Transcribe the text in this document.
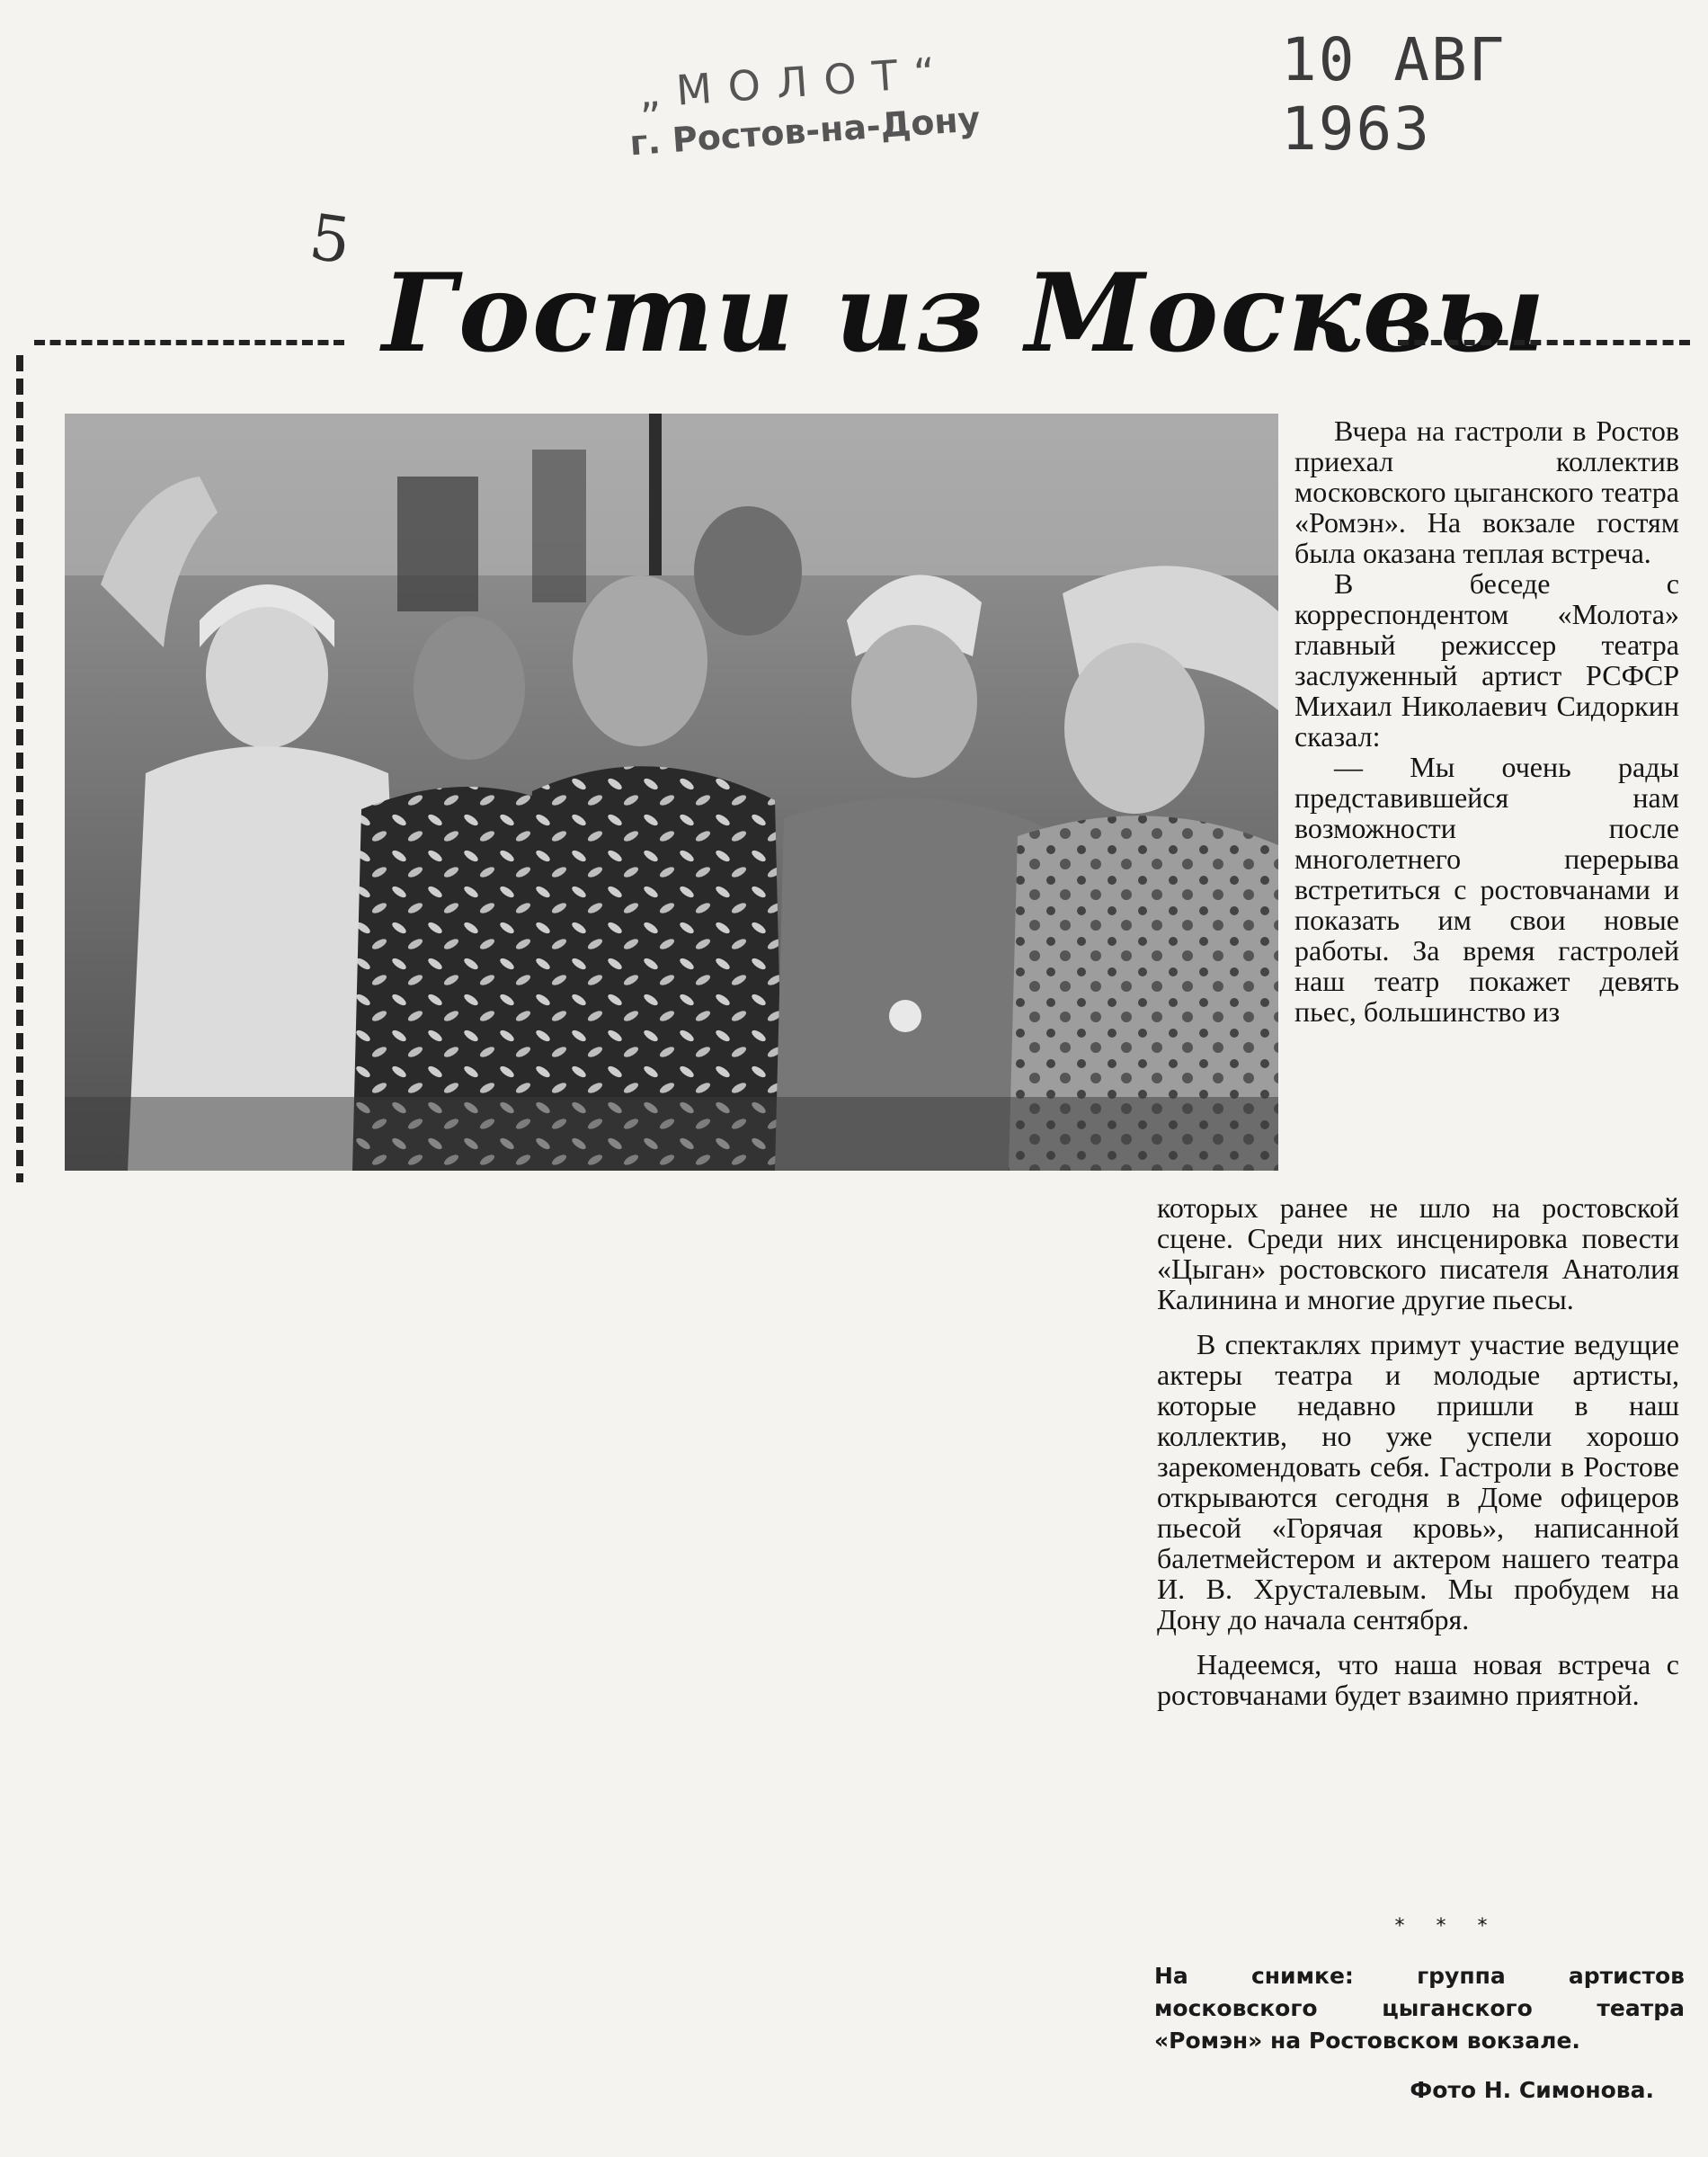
„МОЛОТ“
г. Ростов-на-Дону
10 АВГ 1963
5
Гости из Москвы

Вчера на гастроли в Ростов приехал коллектив московского цыганского театра «Ромэн». На вокзале гостям была оказана теплая встреча.

В беседе с корреспондентом «Молота» главный режиссер театра заслуженный артист РСФСР Михаил Николаевич Сидоркин сказал:

— Мы очень рады представившейся нам возможности после многолетнего перерыва встретиться с ростовчанами и показать им свои новые работы. За время гастролей наш театр покажет девять пьес, большинство из

которых ранее не шло на ростовской сцене. Среди них инсценировка повести «Цыган» ростовского писателя Анатолия Калинина и многие другие пьесы.

В спектаклях примут участие ведущие актеры театра и молодые артисты, которые недавно пришли в наш коллектив, но уже успели хорошо зарекомендовать себя. Гастроли в Ростове открываются сегодня в Доме офицеров пьесой «Горячая кровь», написанной балетмейстером и актером нашего театра И. В. Хрусталевым. Мы пробудем на Дону до начала сентября.

Надеемся, что наша новая встреча с ростовчанами будет взаимно приятной.

* * *

На снимке: группа артистов московского цыганского театра «Ромэн» на Ростовском вокзале.

Фото Н. Симонова.
